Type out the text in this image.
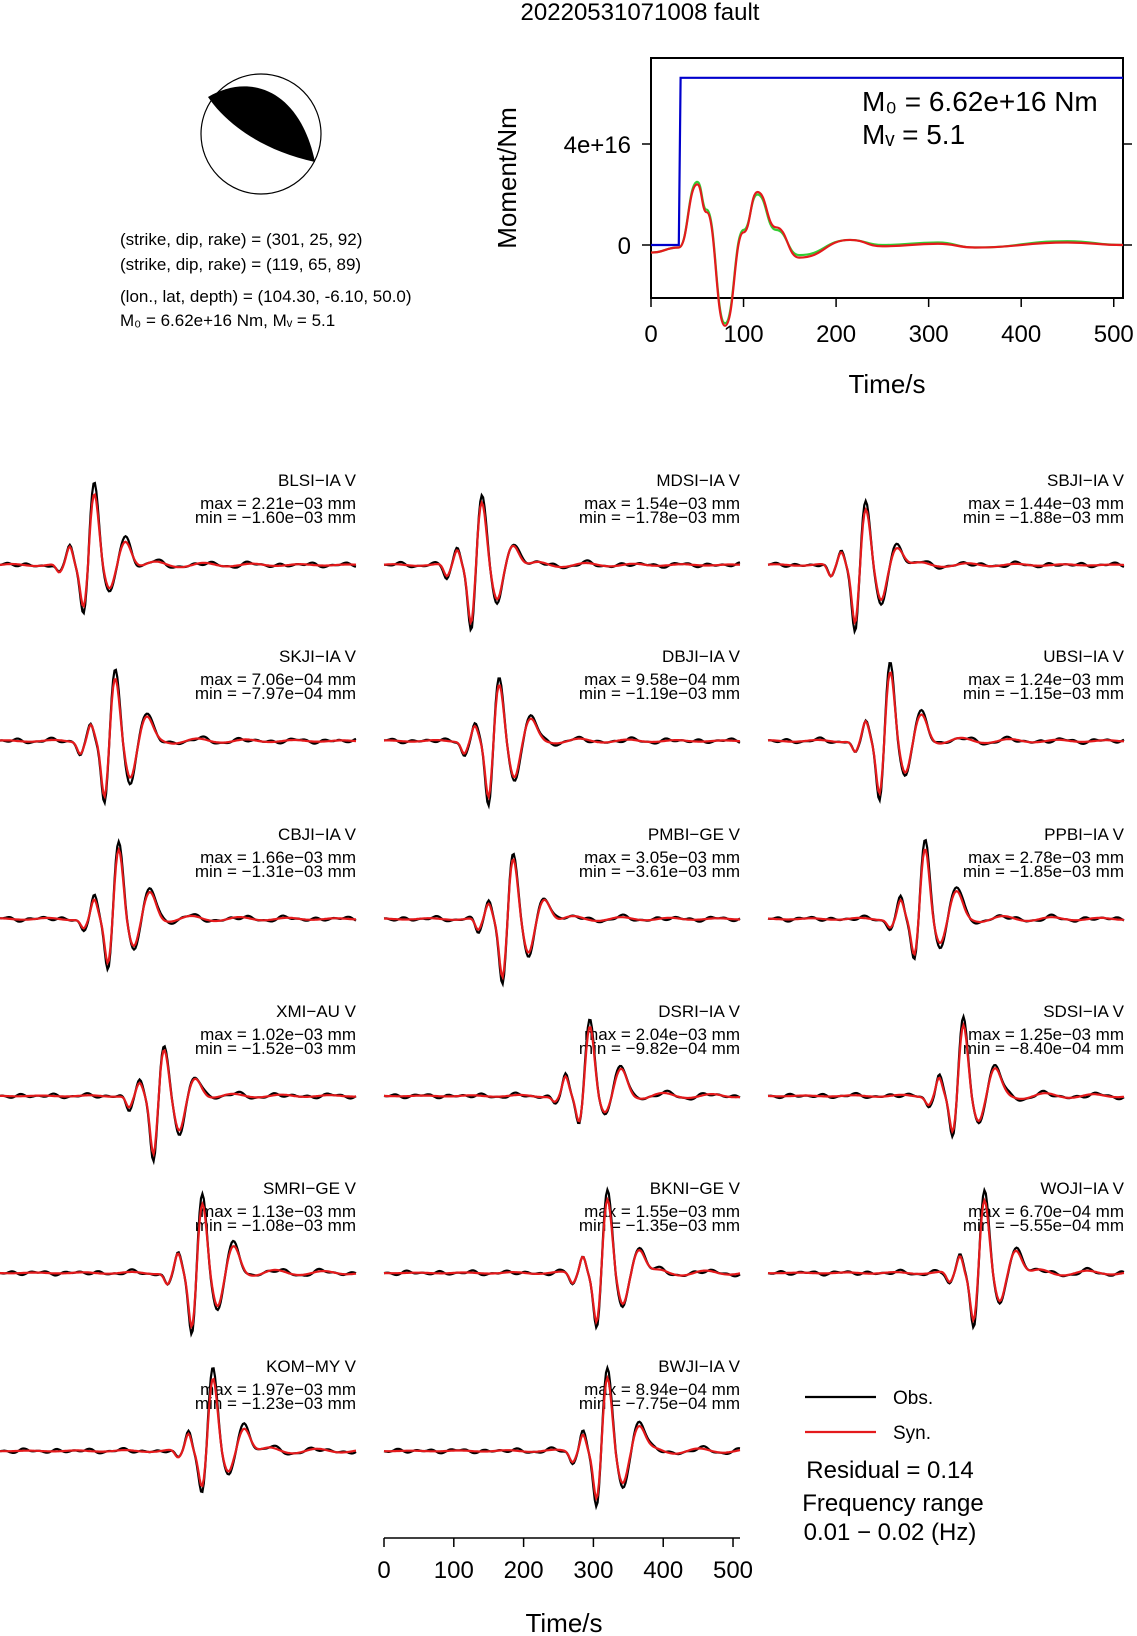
20220531071008 fault
(strike, dip, rake) = (301, 25, 92)
(strike, dip, rake) = (119, 65, 89)
(lon., lat, depth) = (104.30, -6.10, 50.0)
M₀ = 6.62e+16 Nm, Mᵥ = 5.1
0	100 200 300 400 500
0
4e+16
M₀ = 6.62e+16 Nm
Mᵥ = 5.1
Moment/Nm
Time/s
BLSI−IA V
max = 2.21e−03 mm
min = −1.60e−03 mm
MDSI−IA V
max = 1.54e−03 mm
min = −1.78e−03 mm
SBJI−IA V
max = 1.44e−03 mm
min = −1.88e−03 mm
SKJI−IA V
max = 7.06e−04 mm
min = −7.97e−04 mm
DBJI−IA V
max = 9.58e−04 mm
min = −1.19e−03 mm
UBSI−IA V
max = 1.24e−03 mm
min = −1.15e−03 mm
CBJI−IA V
max = 1.66e−03 mm
min = −1.31e−03 mm
PMBI−GE V
max = 3.05e−03 mm
min = −3.61e−03 mm
PPBI−IA V
max = 2.78e−03 mm
min = −1.85e−03 mm
XMI−AU V
max = 1.02e−03 mm
min = −1.52e−03 mm
DSRI−IA V
max = 2.04e−03 mm
min = −9.82e−04 mm
SDSI−IA V
max = 1.25e−03 mm
min = −8.40e−04 mm
SMRI−GE V
max = 1.13e−03 mm
min = −1.08e−03 mm
BKNI−GE V
max = 1.55e−03 mm
min = −1.35e−03 mm
WOJI−IA V
max = 6.70e−04 mm
min = −5.55e−04 mm
KOM−MY V
max = 1.97e−03 mm
min = −1.23e−03 mm
BWJI−IA V
max = 8.94e−04 mm
min = −7.75e−04 mm
Time/s
0 100 200 300 400 500
Obs.
Syn.
Residual = 0.14
Frequency range
0.01 − 0.02 (Hz)
